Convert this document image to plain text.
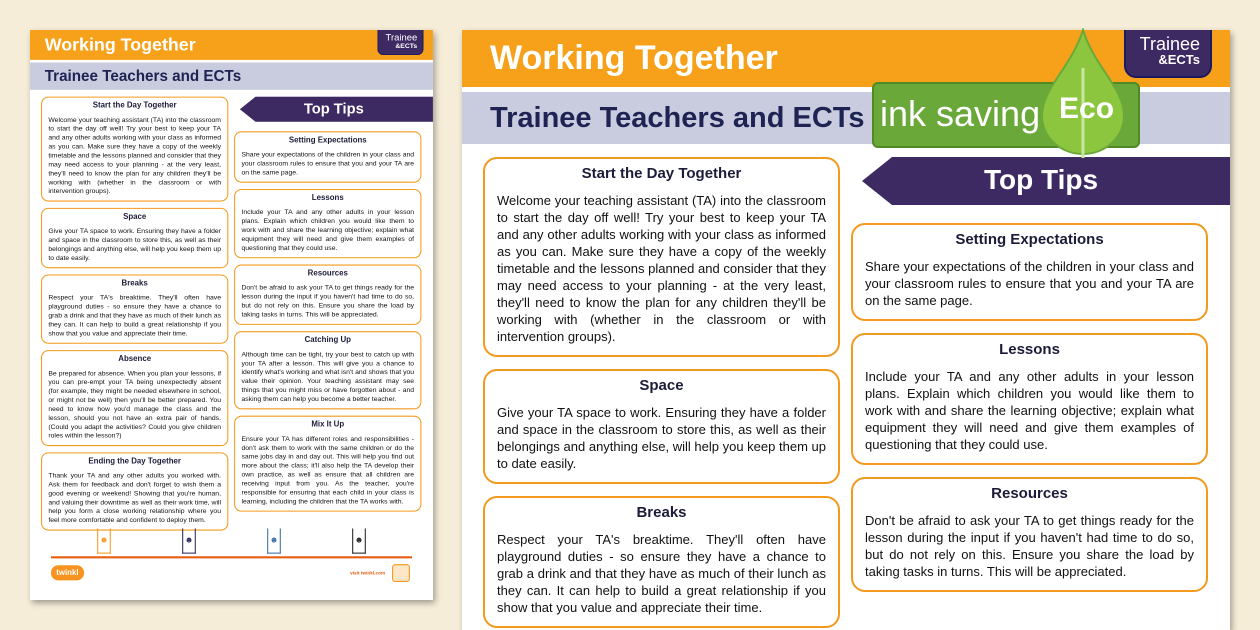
Working Together	Trainee
&ECTs
Trainee Teachers and ECTs
Top Tips
Start the Day Together

Welcome your teaching assistant (TA) into the classroom to start the day off well! Try your best to keep your TA and any other adults working with your class as informed as you can. Make sure they have a copy of the weekly timetable and the lessons planned and consider that they may need access to your planning - at the very least, they'll need to know the plan for any children they'll be working with (whether in the classroom or with intervention groups).

Space

Give your TA space to work. Ensuring they have a folder and space in the classroom to store this, as well as their belongings and anything else, will help you keep them up to date easily.

Breaks

Respect your TA's breaktime. They'll often have playground duties - so ensure they have a chance to grab a drink and that they have as much of their lunch as they can. It can help to build a great relationship if you show that you value and appreciate their time.

Absence

Be prepared for absence. When you plan your lessons, if you can pre-empt your TA being unexpectedly absent (for example, they might be needed elsewhere in school, or might not be well) then you'll be better prepared. You need to know how you'd manage the class and the lesson, should you not have an extra pair of hands. (Could you adapt the activities? Could you give children roles within the lesson?)

Ending the Day Together

Thank your TA and any other adults you worked with. Ask them for feedback and don't forget to wish them a good evening or weekend! Showing that you're human, and valuing their downtime as well as their work time, will help you form a close working relationship where you feel more comfortable and confident to deploy them.

Setting Expectations

Share your expectations of the children in your class and your classroom rules to ensure that you and your TA are on the same page.

Lessons

Include your TA and any other adults in your lesson plans. Explain which children you would like them to work with and share the learning objective; explain what equipment they will need and give them examples of questioning that they could use.

Resources

Don't be afraid to ask your TA to get things ready for the lesson during the input if you haven't had time to do so, but do not rely on this. Ensure you share the load by taking tasks in turns. This will be appreciated.

Catching Up

Although time can be tight, try your best to catch up with your TA after a lesson. This will give you a chance to identify what's working and what isn't and shows that you value their opinion. Your teaching assistant may see things that you might miss or have forgotten about - and asking them can help you become a better teacher.

Mix It Up

Ensure your TA has different roles and responsibilities - don't ask them to work with the same children or do the same jobs day in and day out. This will help you find out more about the class; it'll also help the TA develop their own practice, as well as ensure that all children are receiving input from you. As the teacher, you're responsible for ensuring that each child in your class is learning, including the children that the TA works with.

☻	☻	☻	☻
twinkl	visit twinkl.com
Working Together	Trainee
&ECTs
Trainee Teachers and ECTs
Top Tips
Start the Day Together

Welcome your teaching assistant (TA) into the classroom to start the day off well! Try your best to keep your TA and any other adults working with your class as informed as you can. Make sure they have a copy of the weekly timetable and the lessons planned and consider that they may need access to your planning - at the very least, they'll need to know the plan for any children they'll be working with (whether in the classroom or with intervention groups).

Space

Give your TA space to work. Ensuring they have a folder and space in the classroom to store this, as well as their belongings and anything else, will help you keep them up to date easily.

Breaks

Respect your TA's breaktime. They'll often have playground duties - so ensure they have a chance to grab a drink and that they have as much of their lunch as they can. It can help to build a great relationship if you show that you value and appreciate their time.

Setting Expectations

Share your expectations of the children in your class and your classroom rules to ensure that you and your TA are on the same page.

Lessons

Include your TA and any other adults in your lesson plans. Explain which children you would like them to work with and share the learning objective; explain what equipment they will need and give them examples of questioning that they could use.

Resources

Don't be afraid to ask your TA to get things ready for the lesson during the input if you haven't had time to do so, but do not rely on this. Ensure you share the load by taking tasks in turns. This will be appreciated.

ink saving Eco
